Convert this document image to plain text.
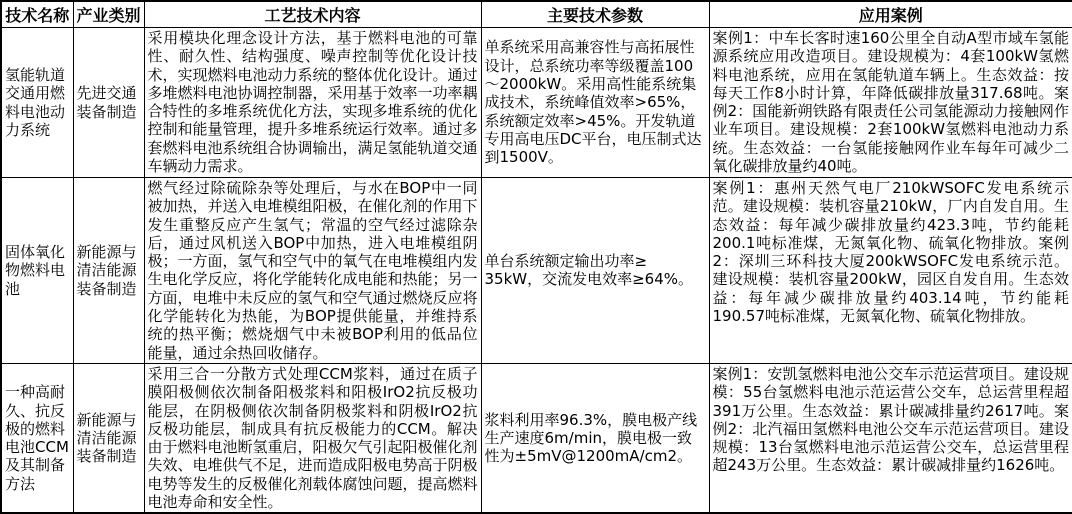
技术名称	产业类别	工艺技术内容	主要技术参数	应用案例
氢能轨道交通用燃料电池动力系统	先进交通装备制造	采用模块化理念设计方法，基于燃料电池的可靠性、耐久性、结构强度、噪声控制等优化设计技术，实现燃料电池动力系统的整体优化设计。通过多堆燃料电池协调控制器，采用基于效率一功率耦合特性的多堆系统优化方法，实现多堆系统的优化控制和能量管理，提升多堆系统运行效率。通过多套燃料电池系统组合协调输出，满足氢能轨道交通车辆动力需求。	单系统采用高兼容性与高拓展性设计，总系统功率等级覆盖100～2000kW。采用高性能系统集成技术，系统峰值效率>65%，系统额定效率>45%。开发轨道专用高电压DC平台，电压制式达到1500V。	案例1：中车长客时速160公里全自动A型市域车氢能源系统应用改造项目。建设规模为：4套100kW氢燃料电池系统，应用在氢能轨道车辆上。生态效益：按每天工作8小时计算，年降低碳排放量317.68吨。案例2：国能新朔铁路有限责任公司氢能源动力接触网作业车项目。建设规模：2套100kW氢燃料电池动力系统。生态效益：一台氢能接触网作业车每年可减少二氧化碳排放量约40吨。
固体氧化物燃料电池	新能源与清洁能源装备制造	燃气经过除硫除杂等处理后，与水在BOP中一同被加热，并送入电堆模组阳极，在催化剂的作用下发生重整反应产生氢气；常温的空气经过滤除杂后，通过风机送入BOP中加热，进入电堆模组阴极；一方面，氢气和空气中的氧气在电堆模组内发生电化学反应，将化学能转化成电能和热能；另一方面，电堆中未反应的氢气和空气通过燃烧反应将化学能转化为热能，为BOP提供能量，并维持系统的热平衡；燃烧烟气中未被BOP利用的低品位能量，通过余热回收储存。	单台系统额定输出功率≥ 35kW，交流发电效率≥64%。	案例1：惠州天然气电厂210kWSOFC发电系统示范。建设规模：装机容量210kW，厂内自发自用。生态效益：每年减少碳排放量约423.3吨，节约能耗200.1吨标准煤，无氮氧化物、硫氧化物排放。案例2：深圳三环科技大厦200kWSOFC发电系统示范。建设规模：装机容量200kW，园区自发自用。生态效益：每年减少碳排放量约403.14吨，节约能耗190.57吨标准煤，无氮氧化物、硫氧化物排放。
一种高耐久、抗反极的燃料电池CCM及其制备方法	新能源与清洁能源装备制造	采用三合一分散方式处理CCM浆料，通过在质子膜阳极侧依次制备阳极浆料和阳极IrO2抗反极功能层，在阴极侧依次制备阴极浆料和阴极IrO2抗反极功能层，制成具有抗反极能力的CCM。解决由于燃料电池断氢重启，阳极欠气引起阳极催化剂失效、电堆供气不足，进而造成阳极电势高于阴极电势等发生的反极催化剂载体腐蚀问题，提高燃料电池寿命和安全性。	浆料利用率96.3%，膜电极产线生产速度6m/min，膜电极一致性为±5mV@1200mA/cm2。	案例1：安凯氢燃料电池公交车示范运营项目。建设规模：55台氢燃料电池示范运营公交车，总运营里程超391万公里。生态效益：累计碳减排量约2617吨。案例2：北汽福田氢燃料电池公交车示范运营项目。建设规模：13台氢燃料电池示范运营公交车，总运营里程超243万公里。生态效益：累计碳减排量约1626吨。
